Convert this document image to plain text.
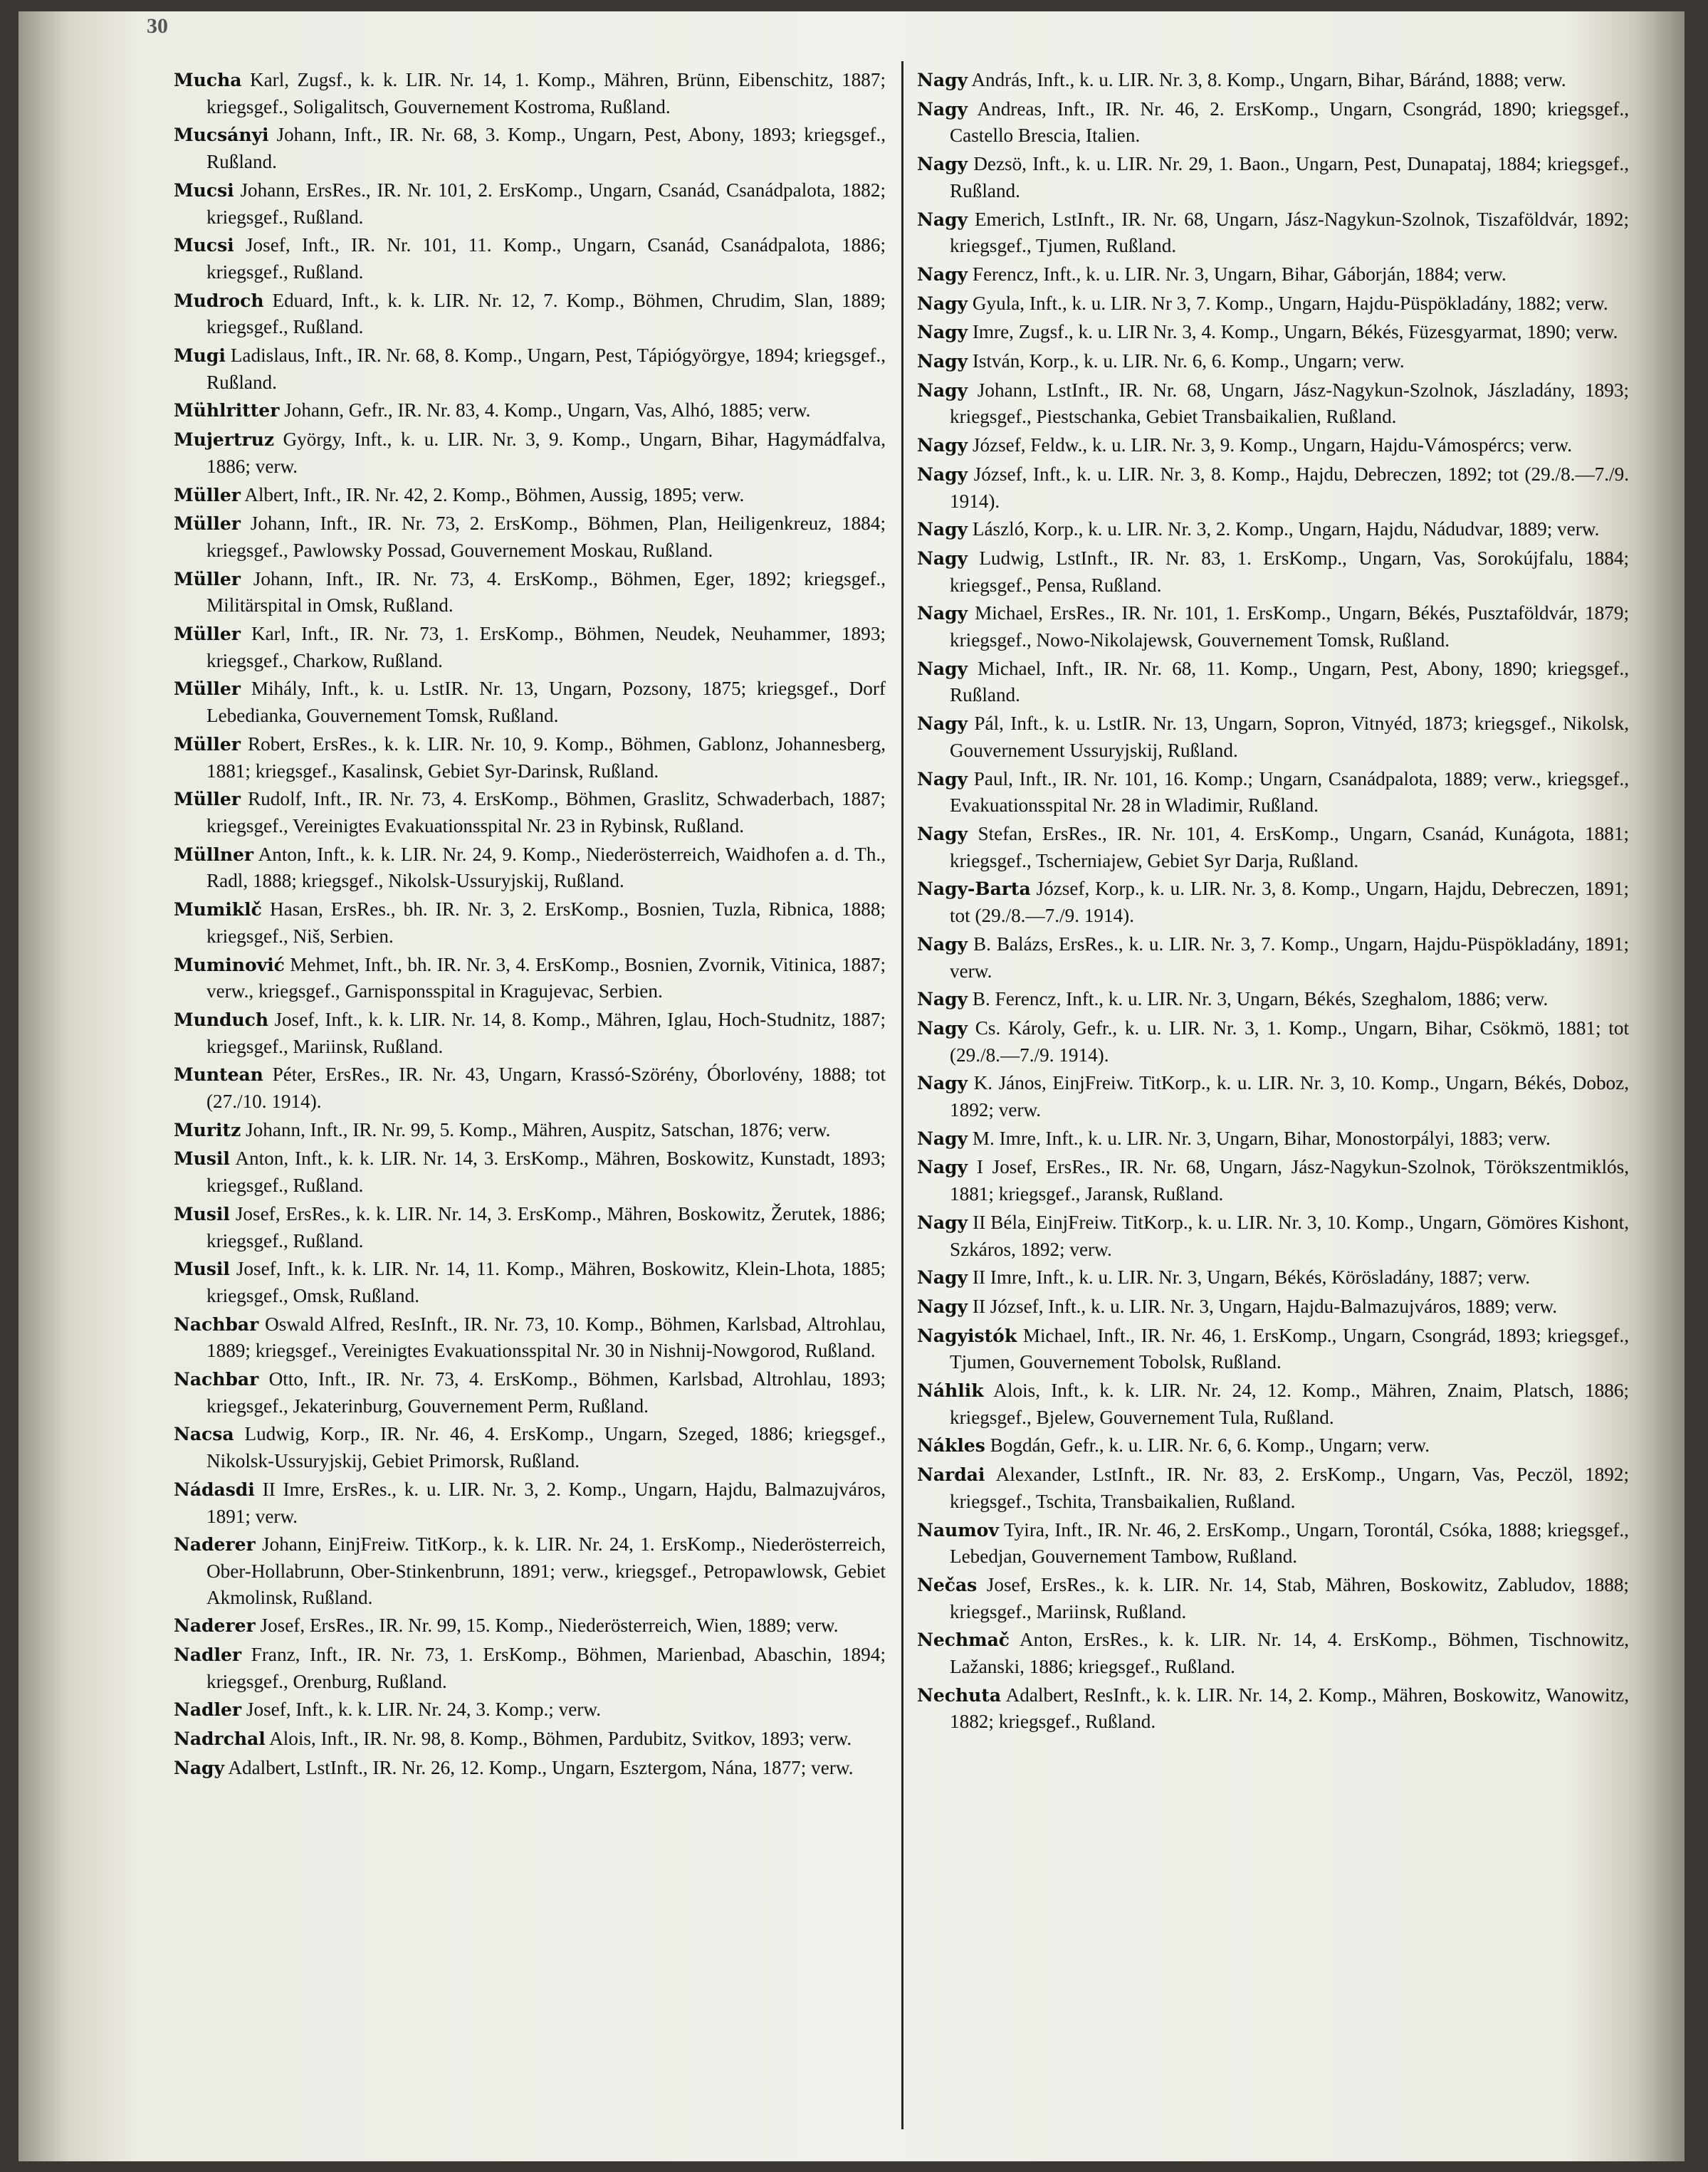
30

Mucha Karl, Zugsf., k. k. LIR. Nr. 14, 1. Komp., Mähren, Brünn, Eibenschitz, 1887; kriegsgef., Soligalitsch, Gouvernement Kostroma, Rußland.

Mucsányi Johann, Inft., IR. Nr. 68, 3. Komp., Ungarn, Pest, Abony, 1893; kriegsgef., Rußland.

Mucsi Johann, ErsRes., IR. Nr. 101, 2. ErsKomp., Ungarn, Csanád, Csanádpalota, 1882; kriegsgef., Rußland.

Mucsi Josef, Inft., IR. Nr. 101, 11. Komp., Ungarn, Csanád, Csanádpalota, 1886; kriegsgef., Rußland.

Mudroch Eduard, Inft., k. k. LIR. Nr. 12, 7. Komp., Böhmen, Chrudim, Slan, 1889; kriegsgef., Rußland.

Mugi Ladislaus, Inft., IR. Nr. 68, 8. Komp., Ungarn, Pest, Tápiógyörgye, 1894; kriegsgef., Rußland.

Mühlritter Johann, Gefr., IR. Nr. 83, 4. Komp., Ungarn, Vas, Alhó, 1885; verw.

Mujertruz György, Inft., k. u. LIR. Nr. 3, 9. Komp., Ungarn, Bihar, Hagymádfalva, 1886; verw.

Müller Albert, Inft., IR. Nr. 42, 2. Komp., Böhmen, Aussig, 1895; verw.

Müller Johann, Inft., IR. Nr. 73, 2. ErsKomp., Böhmen, Plan, Heiligenkreuz, 1884; kriegsgef., Pawlowsky Possad, Gouvernement Moskau, Rußland.

Müller Johann, Inft., IR. Nr. 73, 4. ErsKomp., Böhmen, Eger, 1892; kriegsgef., Militärspital in Omsk, Rußland.

Müller Karl, Inft., IR. Nr. 73, 1. ErsKomp., Böhmen, Neudek, Neuhammer, 1893; kriegsgef., Charkow, Rußland.

Müller Mihály, Inft., k. u. LstIR. Nr. 13, Ungarn, Pozsony, 1875; kriegsgef., Dorf Lebedianka, Gouvernement Tomsk, Rußland.

Müller Robert, ErsRes., k. k. LIR. Nr. 10, 9. Komp., Böhmen, Gablonz, Johannesberg, 1881; kriegsgef., Kasalinsk, Gebiet Syr-Darinsk, Rußland.

Müller Rudolf, Inft., IR. Nr. 73, 4. ErsKomp., Böhmen, Graslitz, Schwaderbach, 1887; kriegsgef., Vereinigtes Evakuationsspital Nr. 23 in Rybinsk, Rußland.

Müllner Anton, Inft., k. k. LIR. Nr. 24, 9. Komp., Niederösterreich, Waidhofen a. d. Th., Radl, 1888; kriegsgef., Nikolsk-Ussuryjskij, Rußland.

Mumiklč Hasan, ErsRes., bh. IR. Nr. 3, 2. ErsKomp., Bosnien, Tuzla, Ribnica, 1888; kriegsgef., Niš, Serbien.

Muminović Mehmet, Inft., bh. IR. Nr. 3, 4. ErsKomp., Bosnien, Zvornik, Vitinica, 1887; verw., kriegsgef., Garnisponsspital in Kragujevac, Serbien.

Munduch Josef, Inft., k. k. LIR. Nr. 14, 8. Komp., Mähren, Iglau, Hoch-Studnitz, 1887; kriegsgef., Mariinsk, Rußland.

Muntean Péter, ErsRes., IR. Nr. 43, Ungarn, Krassó-Szörény, Óborlovény, 1888; tot (27./10. 1914).

Muritz Johann, Inft., IR. Nr. 99, 5. Komp., Mähren, Auspitz, Satschan, 1876; verw.

Musil Anton, Inft., k. k. LIR. Nr. 14, 3. ErsKomp., Mähren, Boskowitz, Kunstadt, 1893; kriegsgef., Rußland.

Musil Josef, ErsRes., k. k. LIR. Nr. 14, 3. ErsKomp., Mähren, Boskowitz, Žerutek, 1886; kriegsgef., Rußland.

Musil Josef, Inft., k. k. LIR. Nr. 14, 11. Komp., Mähren, Boskowitz, Klein-Lhota, 1885; kriegsgef., Omsk, Rußland.

Nachbar Oswald Alfred, ResInft., IR. Nr. 73, 10. Komp., Böhmen, Karlsbad, Altrohlau, 1889; kriegsgef., Vereinigtes Evakuationsspital Nr. 30 in Nishnij-Nowgorod, Rußland.

Nachbar Otto, Inft., IR. Nr. 73, 4. ErsKomp., Böhmen, Karlsbad, Altrohlau, 1893; kriegsgef., Jekaterinburg, Gouvernement Perm, Rußland.

Nacsa Ludwig, Korp., IR. Nr. 46, 4. ErsKomp., Ungarn, Szeged, 1886; kriegsgef., Nikolsk-Ussuryjskij, Gebiet Primorsk, Rußland.

Nádasdi II Imre, ErsRes., k. u. LIR. Nr. 3, 2. Komp., Ungarn, Hajdu, Balmazujváros, 1891; verw.

Naderer Johann, EinjFreiw. TitKorp., k. k. LIR. Nr. 24, 1. ErsKomp., Niederösterreich, Ober-Hollabrunn, Ober-Stinkenbrunn, 1891; verw., kriegsgef., Petropawlowsk, Gebiet Akmolinsk, Rußland.

Naderer Josef, ErsRes., IR. Nr. 99, 15. Komp., Niederösterreich, Wien, 1889; verw.

Nadler Franz, Inft., IR. Nr. 73, 1. ErsKomp., Böhmen, Marienbad, Abaschin, 1894; kriegsgef., Orenburg, Rußland.

Nadler Josef, Inft., k. k. LIR. Nr. 24, 3. Komp.; verw.

Nadrchal Alois, Inft., IR. Nr. 98, 8. Komp., Böhmen, Pardubitz, Svitkov, 1893; verw.

Nagy Adalbert, LstInft., IR. Nr. 26, 12. Komp., Ungarn, Esztergom, Nána, 1877; verw.

Nagy András, Inft., k. u. LIR. Nr. 3, 8. Komp., Ungarn, Bihar, Báránd, 1888; verw.

Nagy Andreas, Inft., IR. Nr. 46, 2. ErsKomp., Ungarn, Csongrád, 1890; kriegsgef., Castello Brescia, Italien.

Nagy Dezsö, Inft., k. u. LIR. Nr. 29, 1. Baon., Ungarn, Pest, Dunapataj, 1884; kriegsgef., Rußland.

Nagy Emerich, LstInft., IR. Nr. 68, Ungarn, Jász-Nagykun-Szolnok, Tiszaföldvár, 1892; kriegsgef., Tjumen, Rußland.

Nagy Ferencz, Inft., k. u. LIR. Nr. 3, Ungarn, Bihar, Gáborján, 1884; verw.

Nagy Gyula, Inft., k. u. LIR. Nr 3, 7. Komp., Ungarn, Hajdu-Püspökladány, 1882; verw.

Nagy Imre, Zugsf., k. u. LIR Nr. 3, 4. Komp., Ungarn, Békés, Füzesgyarmat, 1890; verw.

Nagy István, Korp., k. u. LIR. Nr. 6, 6. Komp., Ungarn; verw.

Nagy Johann, LstInft., IR. Nr. 68, Ungarn, Jász-Nagykun-Szolnok, Jászladány, 1893; kriegsgef., Piestschanka, Gebiet Transbaikalien, Rußland.

Nagy József, Feldw., k. u. LIR. Nr. 3, 9. Komp., Ungarn, Hajdu-Vámospércs; verw.

Nagy József, Inft., k. u. LIR. Nr. 3, 8. Komp., Hajdu, Debreczen, 1892; tot (29./8.—7./9. 1914).

Nagy László, Korp., k. u. LIR. Nr. 3, 2. Komp., Ungarn, Hajdu, Nádudvar, 1889; verw.

Nagy Ludwig, LstInft., IR. Nr. 83, 1. ErsKomp., Ungarn, Vas, Sorokújfalu, 1884; kriegsgef., Pensa, Rußland.

Nagy Michael, ErsRes., IR. Nr. 101, 1. ErsKomp., Ungarn, Békés, Pusztaföldvár, 1879; kriegsgef., Nowo-Nikolajewsk, Gouvernement Tomsk, Rußland.

Nagy Michael, Inft., IR. Nr. 68, 11. Komp., Ungarn, Pest, Abony, 1890; kriegsgef., Rußland.

Nagy Pál, Inft., k. u. LstIR. Nr. 13, Ungarn, Sopron, Vitnyéd, 1873; kriegsgef., Nikolsk, Gouvernement Ussuryjskij, Rußland.

Nagy Paul, Inft., IR. Nr. 101, 16. Komp.; Ungarn, Csanádpalota, 1889; verw., kriegsgef., Evakuationsspital Nr. 28 in Wladimir, Rußland.

Nagy Stefan, ErsRes., IR. Nr. 101, 4. ErsKomp., Ungarn, Csanád, Kunágota, 1881; kriegsgef., Tscherniajew, Gebiet Syr Darja, Rußland.

Nagy-Barta József, Korp., k. u. LIR. Nr. 3, 8. Komp., Ungarn, Hajdu, Debreczen, 1891; tot (29./8.—7./9. 1914).

Nagy B. Balázs, ErsRes., k. u. LIR. Nr. 3, 7. Komp., Ungarn, Hajdu-Püspökladány, 1891; verw.

Nagy B. Ferencz, Inft., k. u. LIR. Nr. 3, Ungarn, Békés, Szeghalom, 1886; verw.

Nagy Cs. Károly, Gefr., k. u. LIR. Nr. 3, 1. Komp., Ungarn, Bihar, Csökmö, 1881; tot (29./8.—7./9. 1914).

Nagy K. János, EinjFreiw. TitKorp., k. u. LIR. Nr. 3, 10. Komp., Ungarn, Békés, Doboz, 1892; verw.

Nagy M. Imre, Inft., k. u. LIR. Nr. 3, Ungarn, Bihar, Monostorpályi, 1883; verw.

Nagy I Josef, ErsRes., IR. Nr. 68, Ungarn, Jász-Nagykun-Szolnok, Törökszentmiklós, 1881; kriegsgef., Jaransk, Rußland.

Nagy II Béla, EinjFreiw. TitKorp., k. u. LIR. Nr. 3, 10. Komp., Ungarn, Gömöres Kishont, Szkáros, 1892; verw.

Nagy II Imre, Inft., k. u. LIR. Nr. 3, Ungarn, Békés, Körösladány, 1887; verw.

Nagy II József, Inft., k. u. LIR. Nr. 3, Ungarn, Hajdu-Balmazujváros, 1889; verw.

Nagyistók Michael, Inft., IR. Nr. 46, 1. ErsKomp., Ungarn, Csongrád, 1893; kriegsgef., Tjumen, Gouvernement Tobolsk, Rußland.

Náhlik Alois, Inft., k. k. LIR. Nr. 24, 12. Komp., Mähren, Znaim, Platsch, 1886; kriegsgef., Bjelew, Gouvernement Tula, Rußland.

Nákles Bogdán, Gefr., k. u. LIR. Nr. 6, 6. Komp., Ungarn; verw.

Nardai Alexander, LstInft., IR. Nr. 83, 2. ErsKomp., Ungarn, Vas, Peczöl, 1892; kriegsgef., Tschita, Transbaikalien, Rußland.

Naumov Tyira, Inft., IR. Nr. 46, 2. ErsKomp., Ungarn, Torontál, Csóka, 1888; kriegsgef., Lebedjan, Gouvernement Tambow, Rußland.

Nečas Josef, ErsRes., k. k. LIR. Nr. 14, Stab, Mähren, Boskowitz, Zabludov, 1888; kriegsgef., Mariinsk, Rußland.

Nechmač Anton, ErsRes., k. k. LIR. Nr. 14, 4. ErsKomp., Böhmen, Tischnowitz, Lažanski, 1886; kriegsgef., Rußland.

Nechuta Adalbert, ResInft., k. k. LIR. Nr. 14, 2. Komp., Mähren, Boskowitz, Wanowitz, 1882; kriegsgef., Rußland.
